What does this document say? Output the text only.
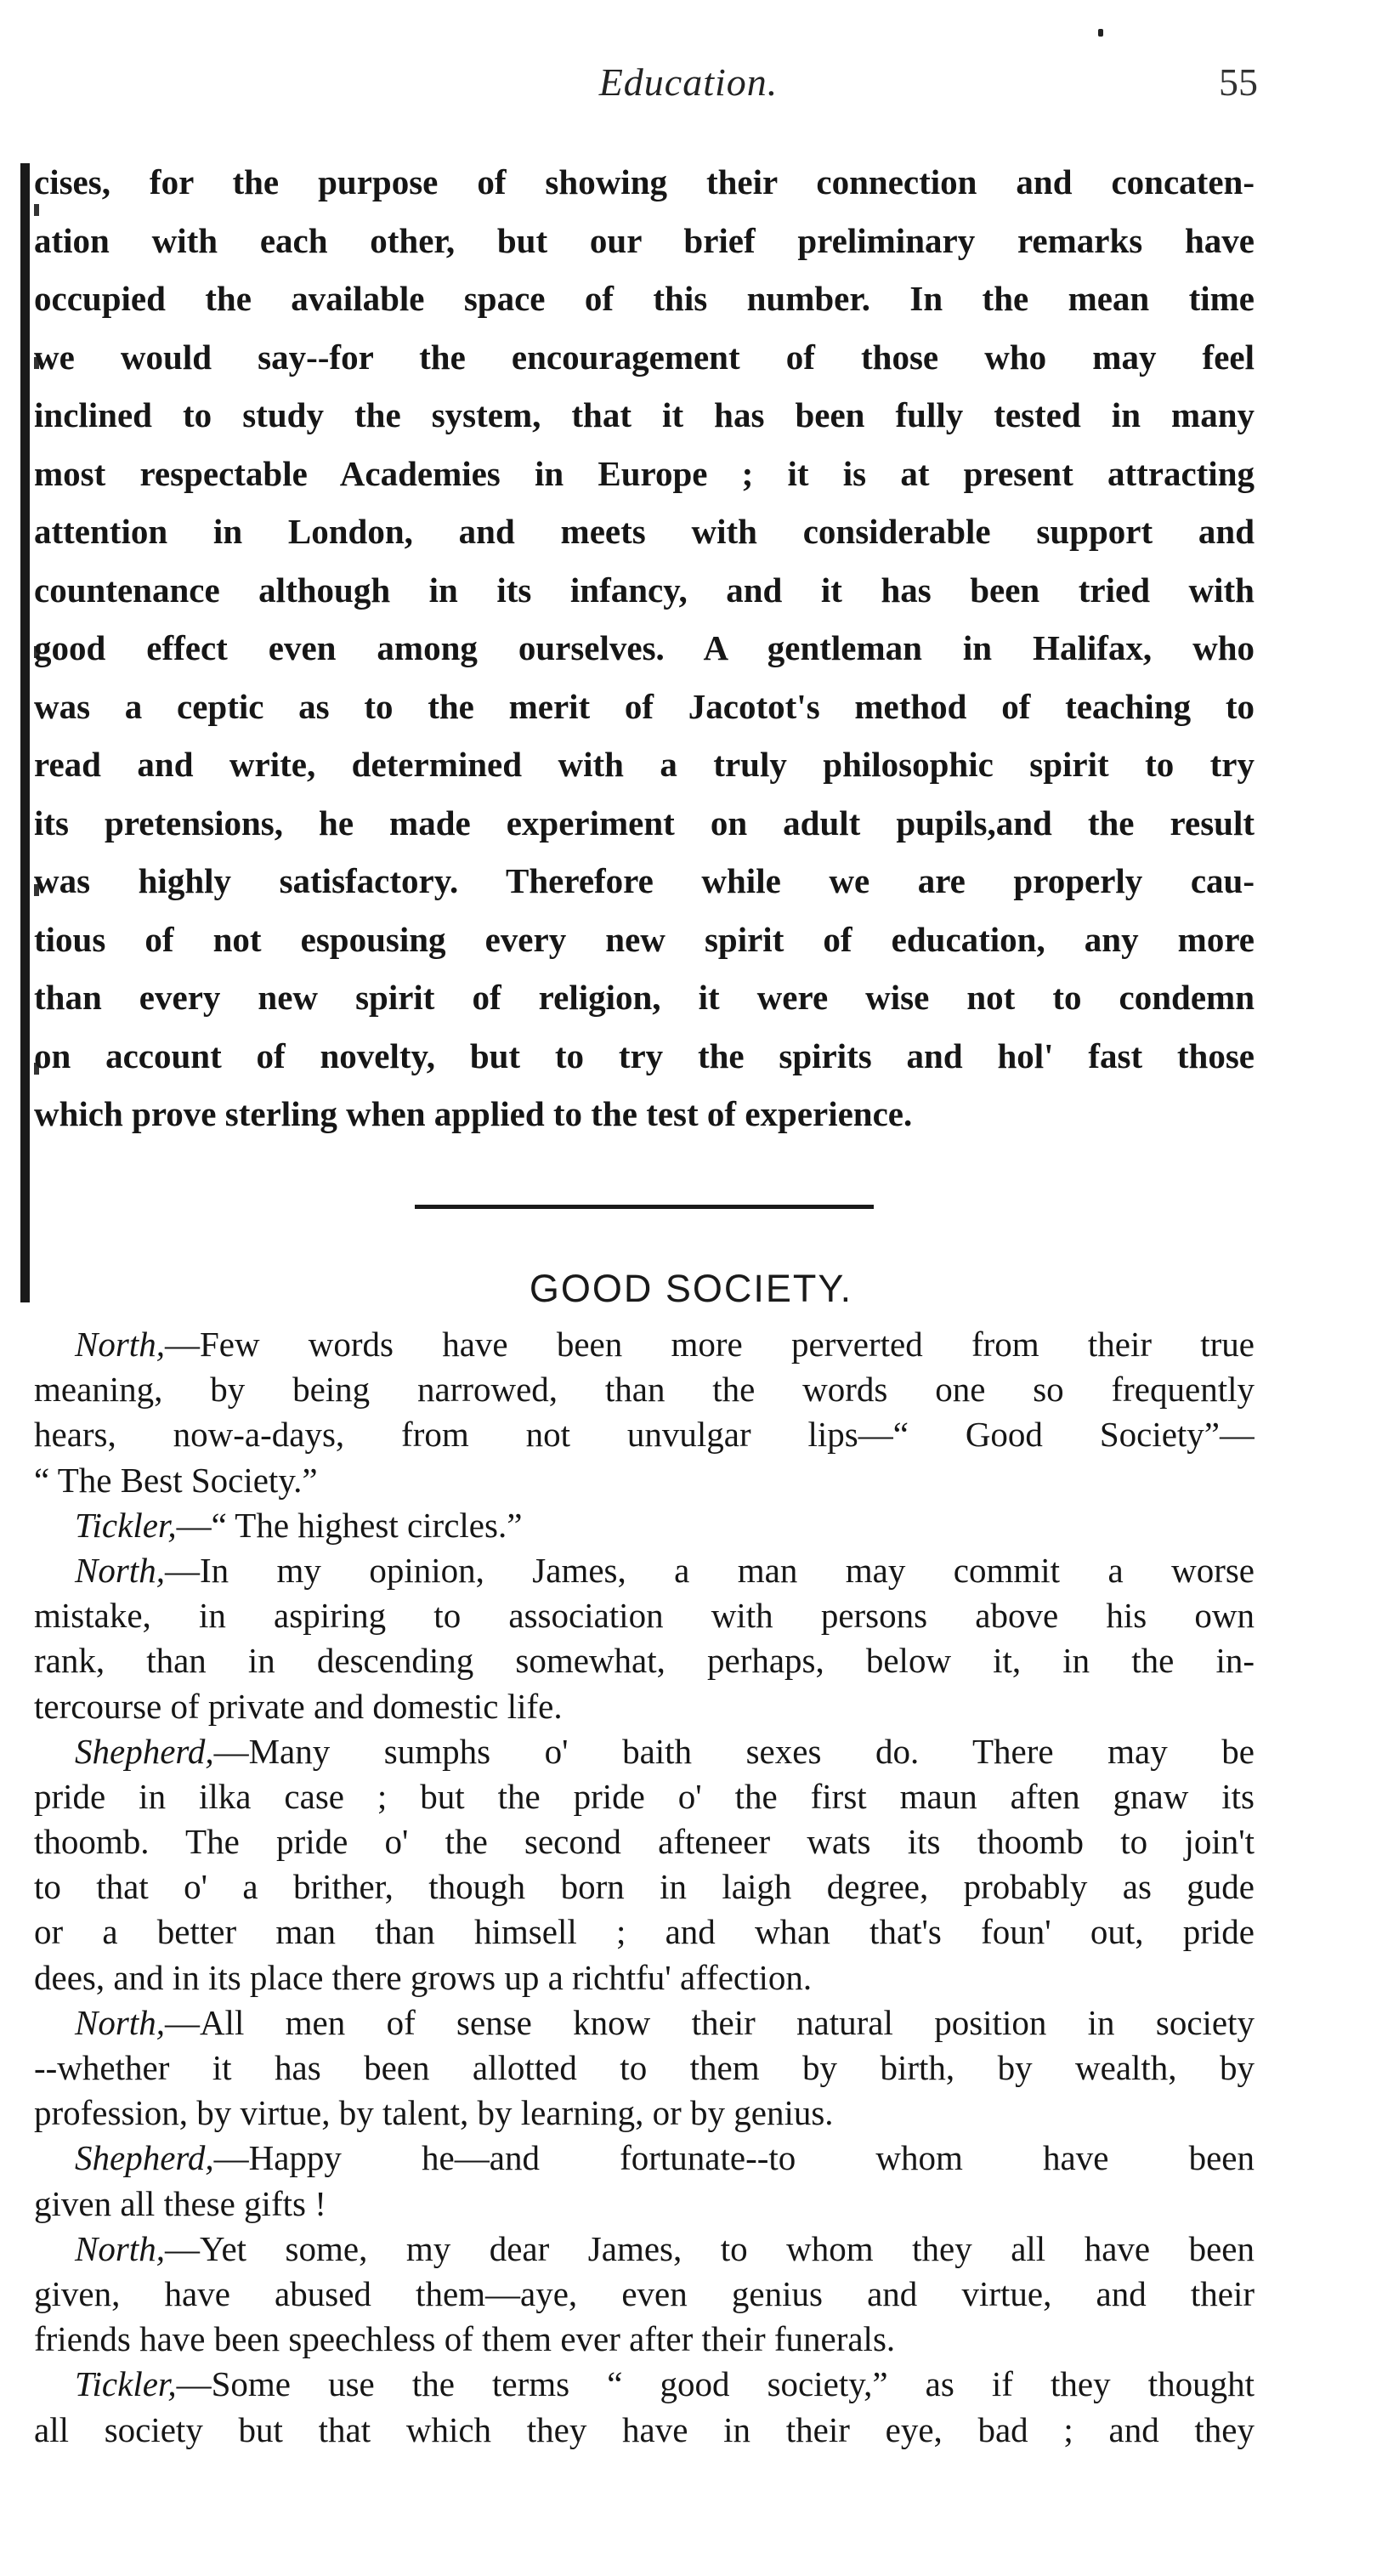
Education.	55
cises, for the purpose of showing their connection and concaten-
ation with each other, but our brief preliminary remarks have
occupied the available space of this number. In the mean time
we would say--for the encouragement of those who may feel
inclined to study the system, that it has been fully tested in many
most respectable Academies in Europe ; it is at present attracting
attention in London, and meets with considerable support and
countenance although in its infancy, and it has been tried with
good effect even among ourselves. A gentleman in Halifax, who
was a ceptic as to the merit of Jacotot's method of teaching to
read and write, determined with a truly philosophic spirit to try
its pretensions, he made experiment on adult pupils,and the result
was highly satisfactory. Therefore while we are properly cau-
tious of not espousing every new spirit of education, any more
than every new spirit of religion, it were wise not to condemn
on account of novelty, but to try the spirits and hol' fast those
which prove sterling when applied to the test of experience.
GOOD SOCIETY.
North,—Few words have been more perverted from their true
meaning, by being narrowed, than the words one so frequently
hears, now-a-days, from not unvulgar lips—“ Good Society”—
“ The Best Society.”
Tickler,—“ The highest circles.”
North,—In my opinion, James, a man may commit a worse
mistake, in aspiring to association with persons above his own
rank, than in descending somewhat, perhaps, below it, in the in-
tercourse of private and domestic life.
Shepherd,—Many sumphs o' baith sexes do. There may be
pride in ilka case ; but the pride o' the first maun aften gnaw its
thoomb. The pride o' the second afteneer wats its thoomb to join't
to that o' a brither, though born in laigh degree, probably as gude
or a better man than himsell ; and whan that's foun' out, pride
dees, and in its place there grows up a richtfu' affection.
North,—All men of sense know their natural position in society
--whether it has been allotted to them by birth, by wealth, by
profession, by virtue, by talent, by learning, or by genius.
Shepherd,—Happy he—and fortunate--to whom have been
given all these gifts !
North,—Yet some, my dear James, to whom they all have been
given, have abused them—aye, even genius and virtue, and their
friends have been speechless of them ever after their funerals.
Tickler,—Some use the terms “ good society,” as if they thought
all society but that which they have in their eye, bad ; and they
